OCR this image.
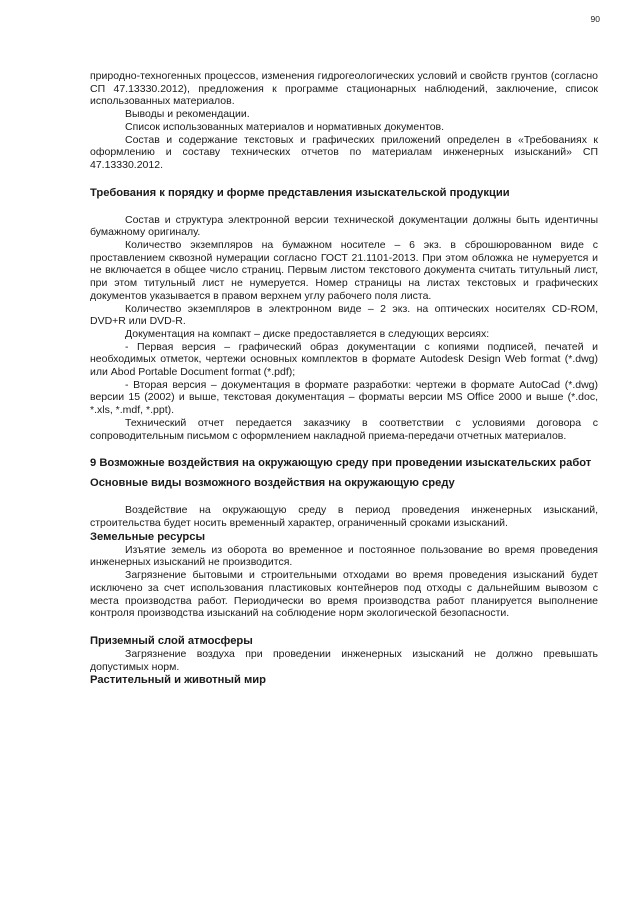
90

природно-техногенных процессов, изменения гидрогеологических условий и свойств грунтов (согласно СП 47.13330.2012), предложения к программе стационарных наблюдений, заключение, список использованных материалов.

Выводы и рекомендации.

Список использованных материалов и нормативных документов.

Состав и содержание текстовых и графических приложений определен в «Требованиях к оформлению и составу технических отчетов по материалам инженерных изысканий» СП 47.13330.2012.

Требования к порядку и форме представления изыскательской продукции

Состав и структура электронной версии технической документации должны быть идентичны бумажному оригиналу.

Количество экземпляров на бумажном носителе – 6 экз. в сброшюрованном виде с проставлением сквозной нумерации согласно ГОСТ 21.1101-2013. При этом обложка не нумеруется и не включается в общее число страниц. Первым листом текстового документа считать титульный лист, при этом титульный лист не нумеруется. Номер страницы на листах текстовых и графических документов указывается в правом верхнем углу рабочего поля листа.

Количество экземпляров в электронном виде – 2 экз. на оптических носителях CD-ROM, DVD+R или DVD-R.

Документация на компакт – диске предоставляется в следующих версиях:

- Первая версия – графический образ документации с копиями подписей, печатей и необходимых отметок, чертежи основных комплектов в формате Autodesk Design Web format (*.dwg) или Abod Portable Document format (*.pdf);

- Вторая версия – документация в формате разработки: чертежи в формате AutoCad (*.dwg) версии 15 (2002) и выше, текстовая документация – форматы версии MS Office 2000 и выше (*.doc, *.xls, *.mdf, *.ppt).

Технический отчет передается заказчику в соответствии с условиями договора с сопроводительным письмом с оформлением накладной приема-передачи отчетных материалов.

9 Возможные воздействия на окружающую среду при проведении изыскательских работ

Основные виды возможного воздействия на окружающую среду

Воздействие на окружающую среду в период проведения инженерных изысканий, строительства будет носить временный характер, ограниченный сроками изысканий.

Земельные ресурсы

Изъятие земель из оборота во временное и постоянное пользование во время проведения инженерных изысканий не производится.

Загрязнение бытовыми и строительными отходами во время проведения изысканий будет исключено за счет использования пластиковых контейнеров под отходы с дальнейшим вывозом с места производства работ. Периодически во время производства работ планируется выполнение контроля производства изысканий на соблюдение норм экологической безопасности.

Приземный слой атмосферы

Загрязнение воздуха при проведении инженерных изысканий не должно превышать допустимых норм.

Растительный и животный мир
